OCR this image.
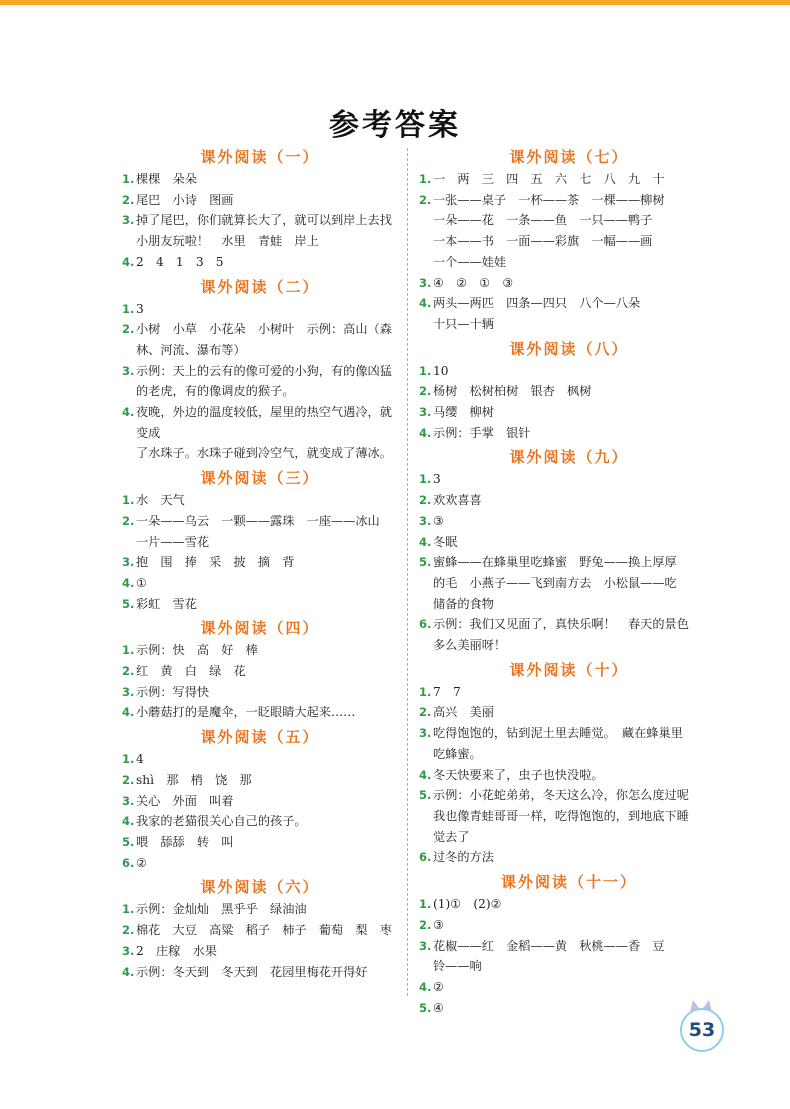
参考答案
课外阅读（一）
1. 棵棵　朵朵
2. 尾巴　小诗　图画
3. 掉了尾巴，你们就算长大了，就可以到岸上去找
小朋友玩啦！　水里　青蛙　岸上
4. 2　4　1　3　5
课外阅读（二）
1. 3
2. 小树　小草　小花朵　小树叶　示例：高山（森
林、河流、瀑布等）
3. 示例：天上的云有的像可爱的小狗，有的像凶猛
的老虎，有的像调皮的猴子。
4. 夜晚，外边的温度较低，屋里的热空气遇冷，就变成
了水珠子。水珠子碰到冷空气，就变成了薄冰。
课外阅读（三）
1. 水　天气
2. 一朵——乌云　一颗——露珠　一座——冰山
一片——雪花
3. 抱　围　捧　采　披　摘　背
4. ①
5. 彩虹　雪花
课外阅读（四）
1. 示例：快　高　好　棒
2. 红　黄　白　绿　花
3. 示例：写得快
4. 小蘑菇打的是魔伞，一眨眼睛大起来……
课外阅读（五）
1. 4
2. shì　那　梢　饶　那
3. 关心　外面　叫着
4. 我家的老猫很关心自己的孩子。
5. 喂　舔舔　转　叫
6. ②
课外阅读（六）
1. 示例：金灿灿　黑乎乎　绿油油
2. 棉花　大豆　高粱　稻子　柿子　葡萄　梨　枣
3. 2　庄稼　水果
4. 示例：冬天到　冬天到　花园里梅花开得好
课外阅读（七）
1. 一　两　三　四　五　六　七　八　九　十
2. 一张——桌子　一杯——茶　一棵——柳树
一朵——花　一条——鱼　一只——鸭子
一本——书　一面——彩旗　一幅——画
一个——娃娃
3. ④　②　①　③
4. 两头—两匹　四条—四只　八个—八朵
十只—十辆
课外阅读（八）
1. 10
2. 杨树　松树柏树　银杏　枫树
3. 马缨　柳树
4. 示例：手掌　银针
课外阅读（九）
1. 3
2. 欢欢喜喜
3. ③
4. 冬眠
5. 蜜蜂——在蜂巢里吃蜂蜜　野兔——换上厚厚
的毛　小燕子——飞到南方去　小松鼠——吃
储备的食物
6. 示例：我们又见面了，真快乐啊！　春天的景色
多么美丽呀！
课外阅读（十）
1. 7　7
2. 高兴　美丽
3. 吃得饱饱的，钻到泥土里去睡觉。　藏在蜂巢里
吃蜂蜜。
4. 冬天快要来了，虫子也快没啦。
5. 示例：小花蛇弟弟，冬天这么冷，你怎么度过呢
我也像青蛙哥哥一样，吃得饱饱的，到地底下睡
觉去了
6. 过冬的方法
课外阅读（十一）
1. (1)①　(2)②
2. ③
3. 花椒——红　金稻——黄　秋桃——香　豆
铃——响
4. ②
5. ④
53
